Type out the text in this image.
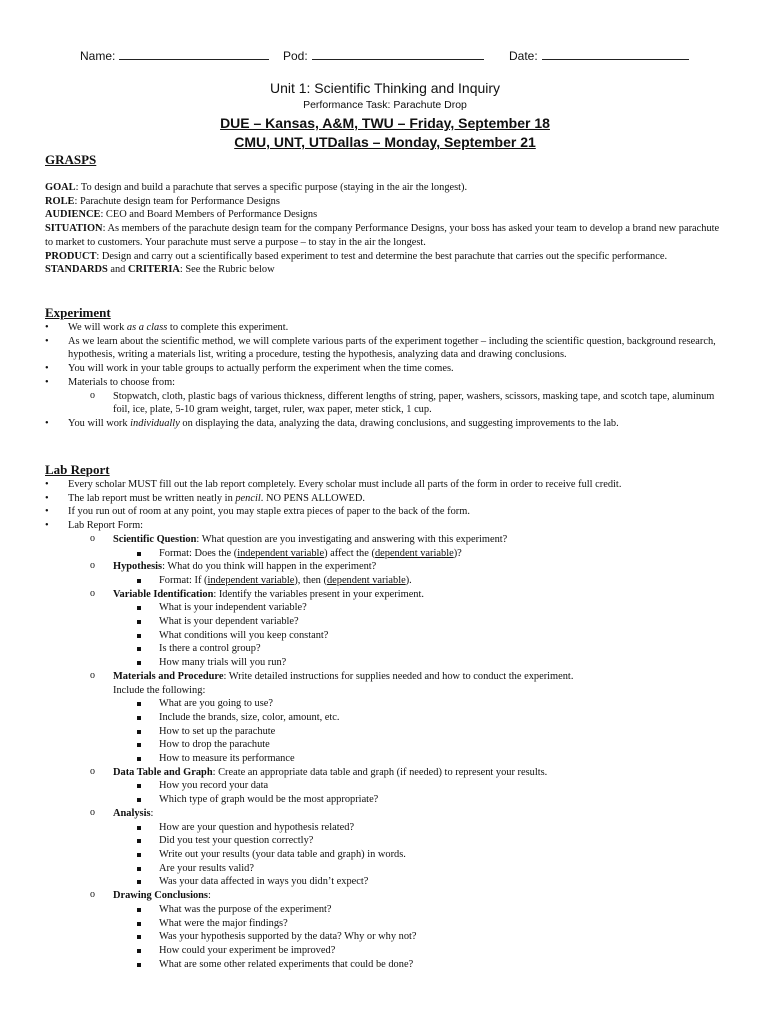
Name:	Pod:	Date:
Unit 1: Scientific Thinking and Inquiry
Performance Task: Parachute Drop
DUE – Kansas, A&M, TWU – Friday, September 18
CMU, UNT, UTDallas – Monday, September 21
GRASPS

GOAL: To design and build a parachute that serves a specific purpose (staying in the air the longest).

ROLE: Parachute design team for Performance Designs

AUDIENCE: CEO and Board Members of Performance Designs

SITUATION: As members of the parachute design team for the company Performance Designs, your boss has asked your team to develop a brand new parachute to market to customers. Your parachute must serve a purpose – to stay in the air the longest.

PRODUCT: Design and carry out a scientifically based experiment to test and determine the best parachute that carries out the specific performance.

STANDARDS and CRITERIA: See the Rubric below

Experiment
• We will work as a class to complete this experiment.
• As we learn about the scientific method, we will complete various parts of the experiment together – including the scientific question, background research, hypothesis, writing a materials list, writing a procedure, testing the hypothesis, analyzing data and drawing conclusions.
• You will work in your table groups to actually perform the experiment when the time comes.
• Materials to choose from:
o Stopwatch, cloth, plastic bags of various thickness, different lengths of string, paper, washers, scissors, masking tape, and scotch tape, aluminum foil, ice, plate, 5-10 gram weight, target, ruler, wax paper, meter stick, 1 cup.
• You will work individually on displaying the data, analyzing the data, drawing conclusions, and suggesting improvements to the lab.
Lab Report
• Every scholar MUST fill out the lab report completely. Every scholar must include all parts of the form in order to receive full credit.
• The lab report must be written neatly in pencil. NO PENS ALLOWED.
• If you run out of room at any point, you may staple extra pieces of paper to the back of the form.
• Lab Report Form:
o Scientific Question: What question are you investigating and answering with this experiment?
Format: Does the (independent variable) affect the (dependent variable)?
o Hypothesis: What do you think will happen in the experiment?
Format: If (independent variable), then (dependent variable).
o Variable Identification: Identify the variables present in your experiment.
What is your independent variable?
What is your dependent variable?
What conditions will you keep constant?
Is there a control group?
How many trials will you run?
o Materials and Procedure: Write detailed instructions for supplies needed and how to conduct the experiment.
Include the following:
What are you going to use?
Include the brands, size, color, amount, etc.
How to set up the parachute
How to drop the parachute
How to measure its performance
o Data Table and Graph: Create an appropriate data table and graph (if needed) to represent your results.
How you record your data
Which type of graph would be the most appropriate?
o Analysis:
How are your question and hypothesis related?
Did you test your question correctly?
Write out your results (your data table and graph) in words.
Are your results valid?
Was your data affected in ways you didn’t expect?
o Drawing Conclusions:
What was the purpose of the experiment?
What were the major findings?
Was your hypothesis supported by the data? Why or why not?
How could your experiment be improved?
What are some other related experiments that could be done?
